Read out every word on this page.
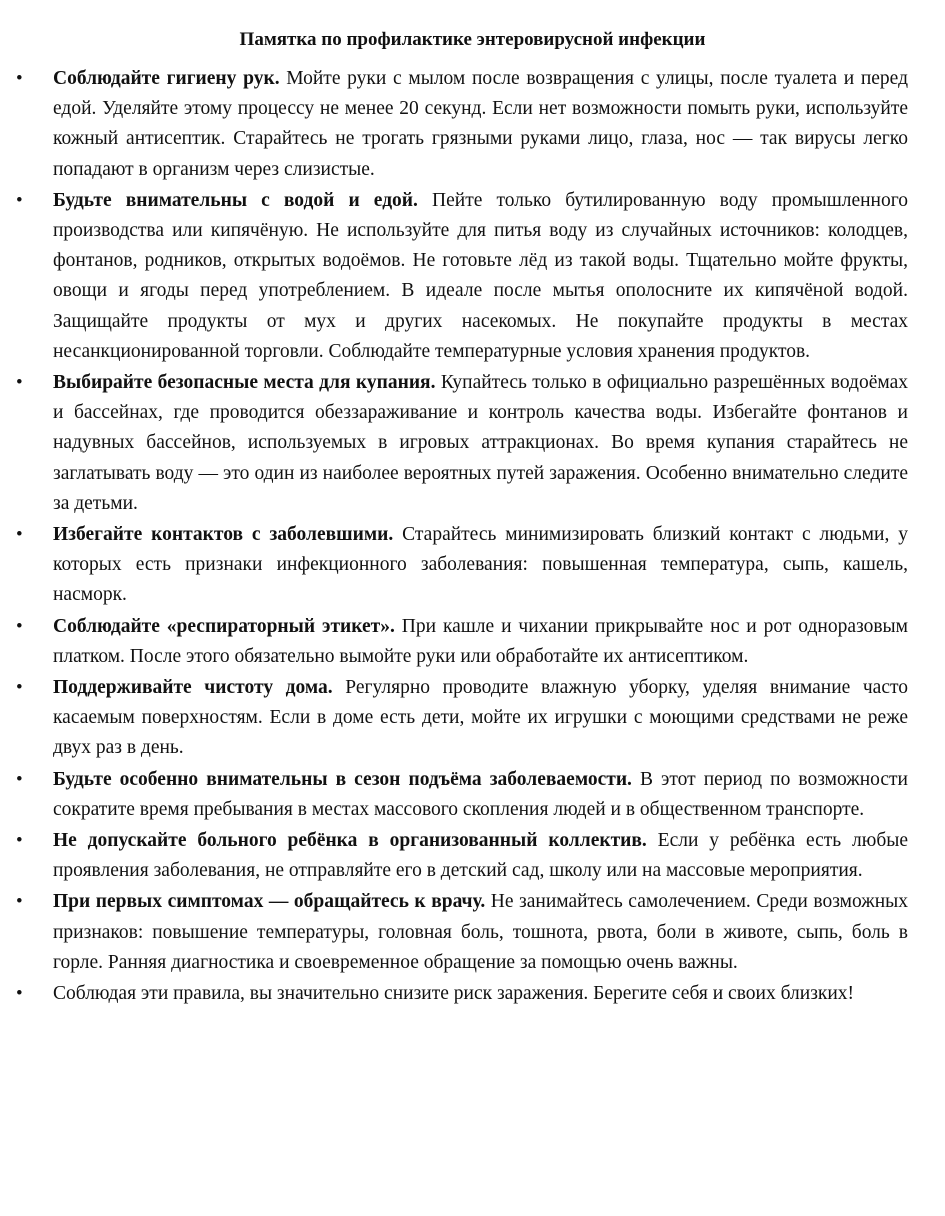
Памятка по профилактике энтеровирусной инфекции
• Соблюдайте гигиену рук. Мойте руки с мылом после возвращения с улицы, после туалета и перед едой. Уделяйте этому процессу не менее 20 секунд. Если нет возможности помыть руки, используйте кожный антисептик. Старайтесь не трогать грязными руками лицо, глаза, нос — так вирусы легко попадают в организм через слизистые.
• Будьте внимательны с водой и едой. Пейте только бутилированную воду промышленного производства или кипячёную. Не используйте для питья воду из случайных источников: колодцев, фонтанов, родников, открытых водоёмов. Не готовьте лёд из такой воды. Тщательно мойте фрукты, овощи и ягоды перед употреблением. В идеале после мытья ополосните их кипячёной водой. Защищайте продукты от мух и других насекомых. Не покупайте продукты в местах несанкционированной торговли. Соблюдайте температурные условия хранения продуктов.
• Выбирайте безопасные места для купания. Купайтесь только в официально разрешённых водоёмах и бассейнах, где проводится обеззараживание и контроль качества воды. Избегайте фонтанов и надувных бассейнов, используемых в игровых аттракционах. Во время купания старайтесь не заглатывать воду — это один из наиболее вероятных путей заражения. Особенно внимательно следите за детьми.
• Избегайте контактов с заболевшими. Старайтесь минимизировать близкий контакт с людьми, у которых есть признаки инфекционного заболевания: повышенная температура, сыпь, кашель, насморк.
• Соблюдайте «респираторный этикет». При кашле и чихании прикрывайте нос и рот одноразовым платком. После этого обязательно вымойте руки или обработайте их антисептиком.
• Поддерживайте чистоту дома. Регулярно проводите влажную уборку, уделяя внимание часто касаемым поверхностям. Если в доме есть дети, мойте их игрушки с моющими средствами не реже двух раз в день.
• Будьте особенно внимательны в сезон подъёма заболеваемости. В этот период по возможности сократите время пребывания в местах массового скопления людей и в общественном транспорте.
• Не допускайте больного ребёнка в организованный коллектив. Если у ребёнка есть любые проявления заболевания, не отправляйте его в детский сад, школу или на массовые мероприятия.
• При первых симптомах — обращайтесь к врачу. Не занимайтесь самолечением. Среди возможных признаков: повышение температуры, головная боль, тошнота, рвота, боли в животе, сыпь, боль в горле. Ранняя диагностика и своевременное обращение за помощью очень важны.
• Соблюдая эти правила, вы значительно снизите риск заражения. Берегите себя и своих близких!
